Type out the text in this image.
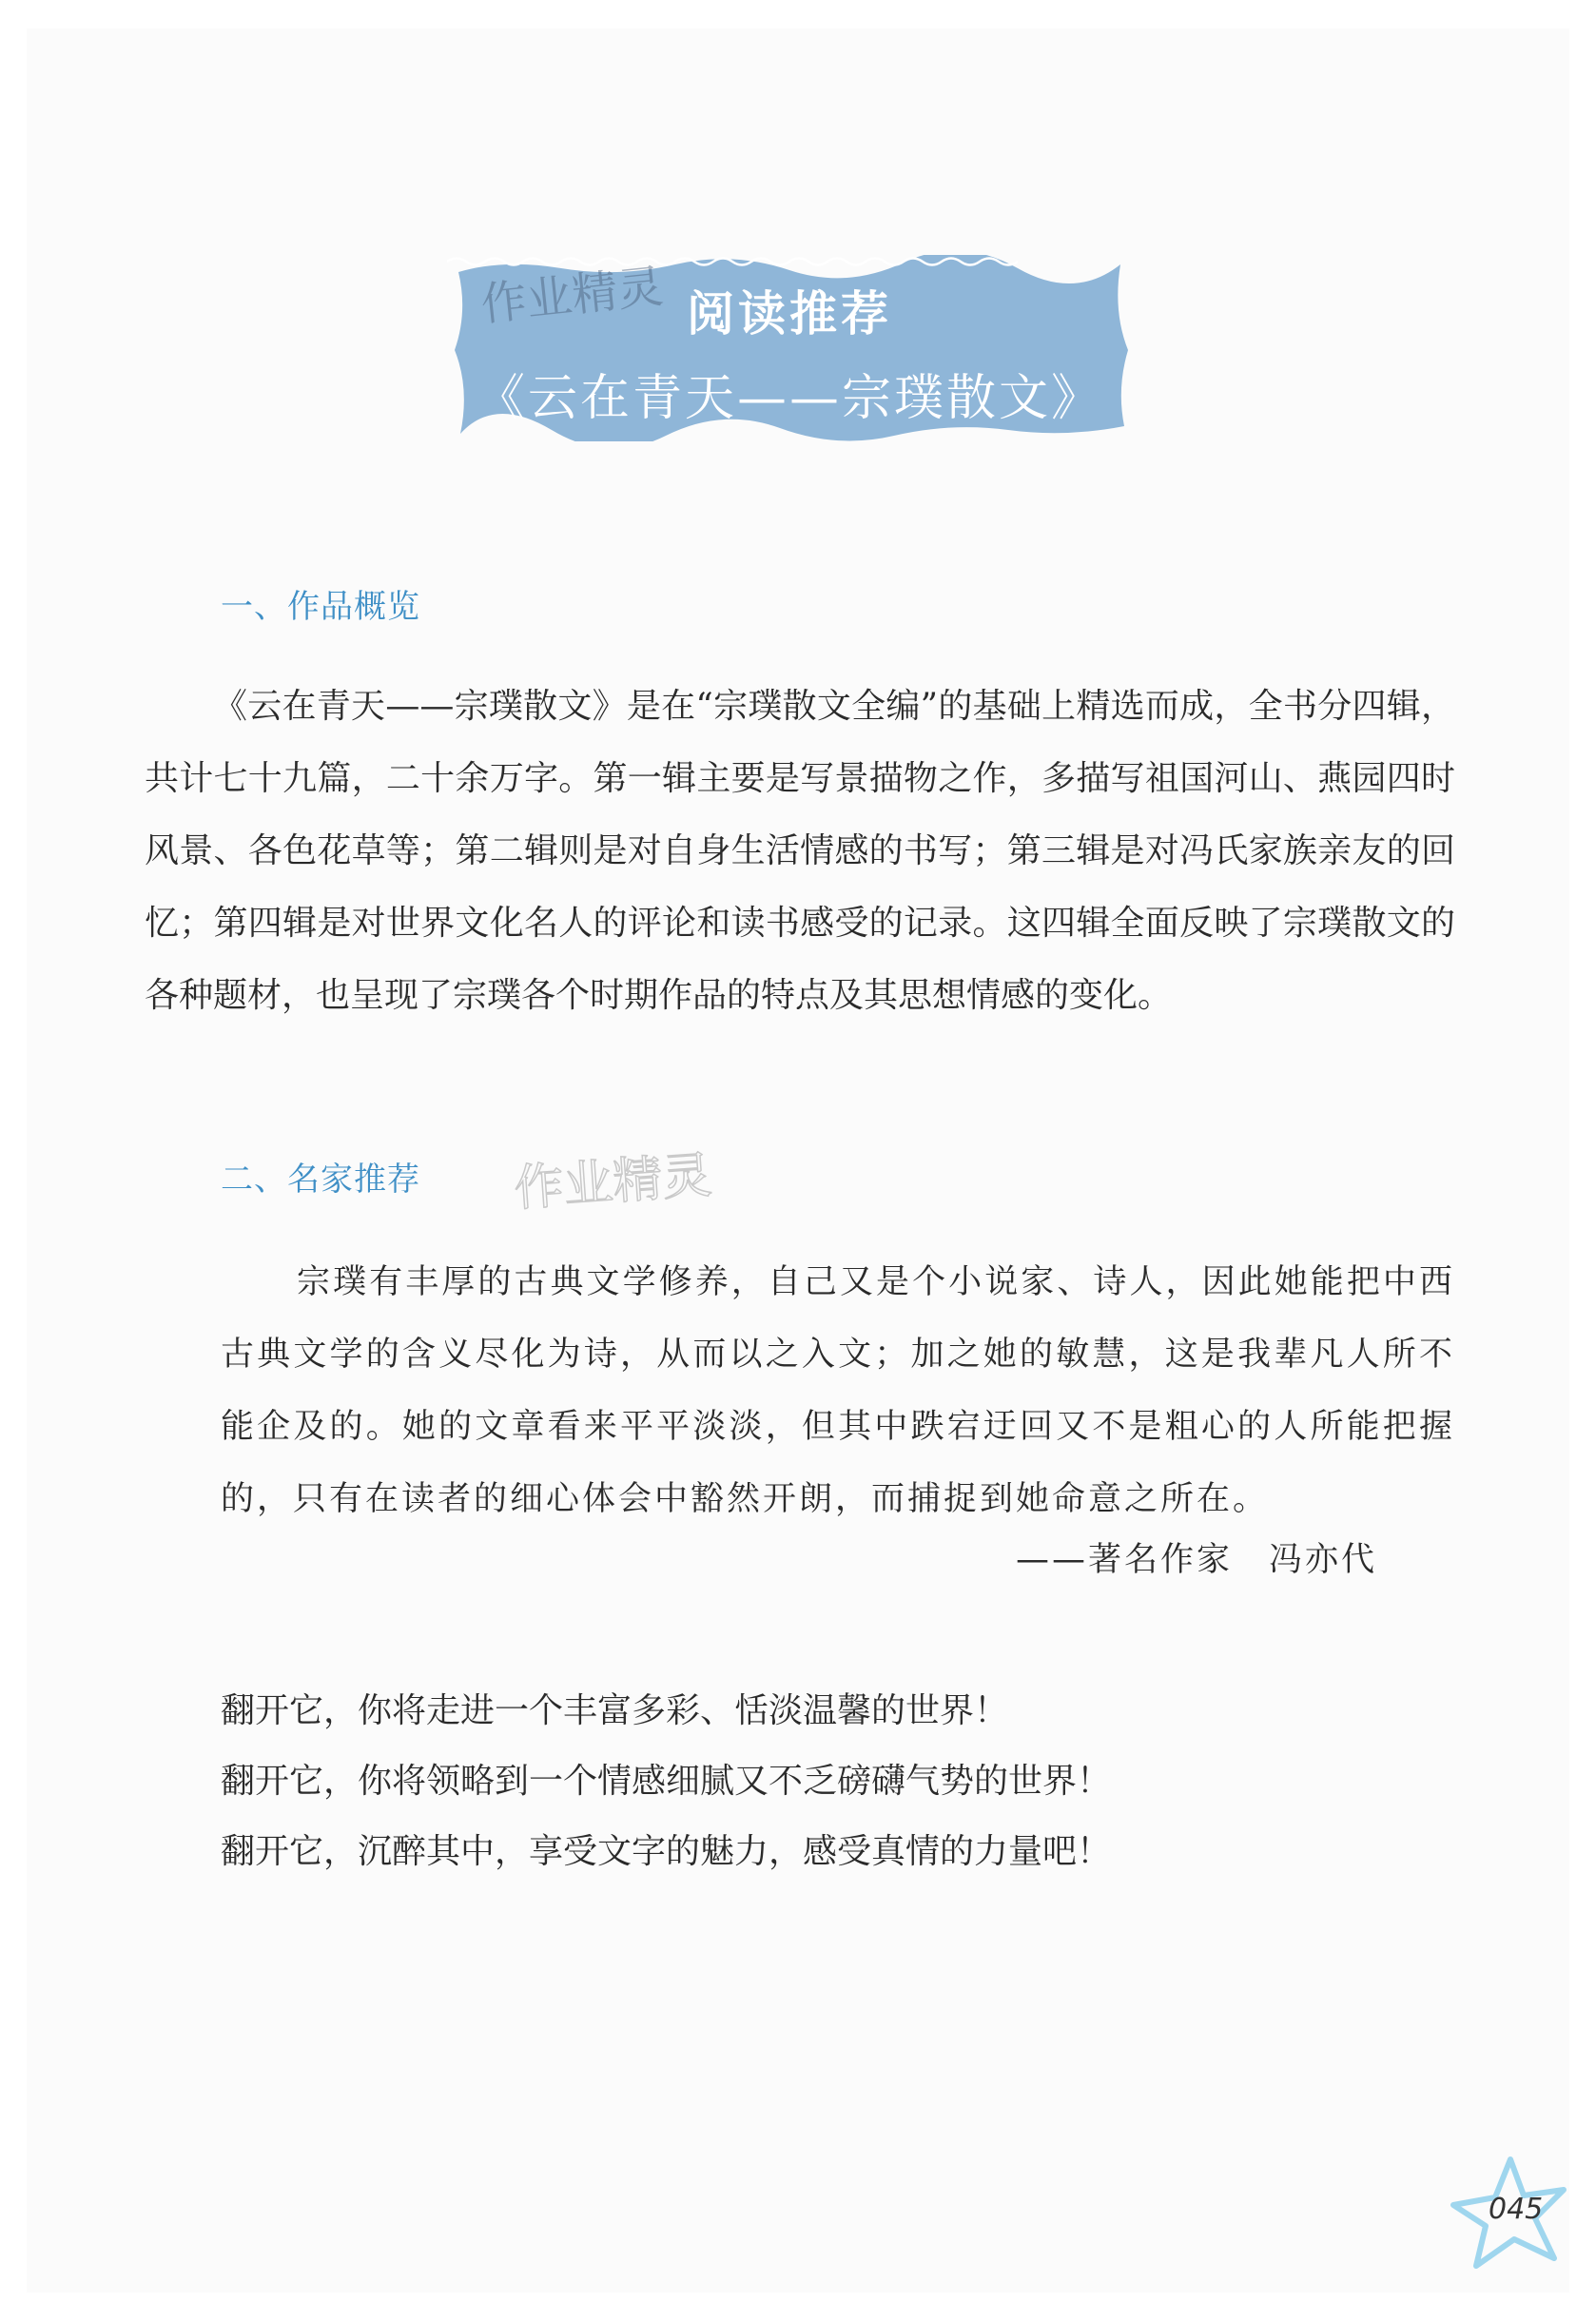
阅读推荐
《云在青天——宗璞散文》
作业精灵
一、作品概览

《云在青天——宗璞散文》是在“宗璞散文全编”的基础上精选而成，全书分四辑，共计七十九篇，二十余万字。第一辑主要是写景描物之作，多描写祖国河山、燕园四时风景、各色花草等；第二辑则是对自身生活情感的书写；第三辑是对冯氏家族亲友的回忆；第四辑是对世界文化名人的评论和读书感受的记录。这四辑全面反映了宗璞散文的各种题材，也呈现了宗璞各个时期作品的特点及其思想情感的变化。

二、名家推荐 作业精灵

宗璞有丰厚的古典文学修养，自己又是个小说家、诗人，因此她能把中西古典文学的含义尽化为诗，从而以之入文；加之她的敏慧，这是我辈凡人所不能企及的。她的文章看来平平淡淡，但其中跌宕迂回又不是粗心的人所能把握的，只有在读者的细心体会中豁然开朗，而捕捉到她命意之所在。

——著名作家　冯亦代
翻开它，你将走进一个丰富多彩、恬淡温馨的世界！
翻开它，你将领略到一个情感细腻又不乏磅礴气势的世界！
翻开它，沉醉其中，享受文字的魅力，感受真情的力量吧！
045
